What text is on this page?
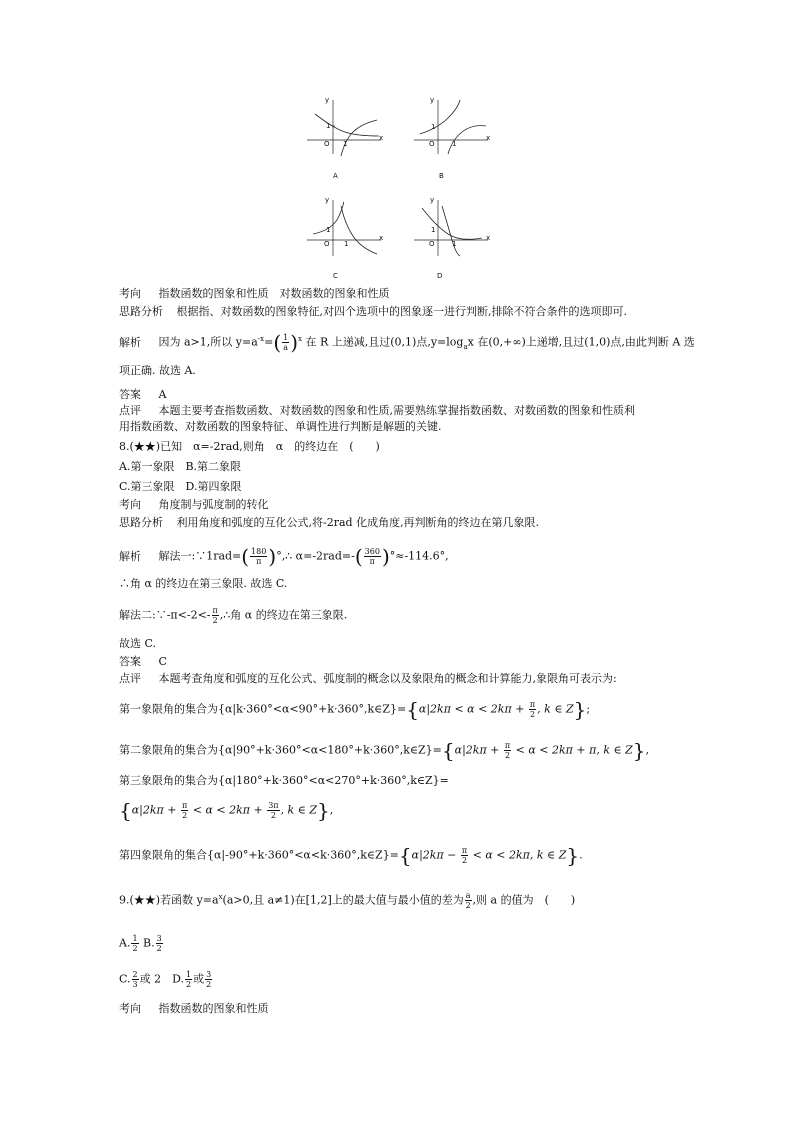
y
x
O
1
1
A
y
x
O
1
1
B
y
x
O
1
1
C
y
x
O
1
1
D
考向 指数函数的图象和性质　对数函数的图象和性质
思路分析 根据指、对数函数的图象特征,对四个选项中的图象逐一进行判断,排除不符合条件的选项即可.
解析 因为 a>1,所以 $y=a^{-x}=( \frac{1}{a} )^x$ 在 R 上递减,且过(0,1)点$,y=\log_ax$ 在(0,+∞)上递增,且过(1,0)点,由此判断 A 选
项正确. 故选 A.
答案 A
点评 本题主要考查指数函数、对数函数的图象和性质,需要熟练掌握指数函数、对数函数的图象和性质利
用指数函数、对数函数的图象特征、单调性进行判断是解题的关键.
8.(★★)已知　α=-2rad,则角　α　的终边在　(　　)
A.第一象限　B.第二象限
C.第三象限　D.第四象限
考向 角度制与弧度制的转化
思路分析 利用角度和弧度的互化公式,将-2rad 化成角度,再判断角的终边在第几象限.
解析 解法一:∵1rad=( $\frac{180}{\pi}$ )°,∴ $\alpha=-2rad=-( \frac{360}{\pi} )^\circ\approx-114.6^\circ$,
∴角 α 的终边在第三象限. 故选 C.
解法二:∵-π<-2<- $\frac{\pi}{2}$ ,∴角 α 的终边在第三象限.
故选 C.
答案 C
点评 本题考查角度和弧度的互化公式、弧度制的概念以及象限角的概念和计算能力,象限角可表示为:
第一象限角的集合为{α|k·360°<α<90°+k·360°,k∈Z}={α|2kπ < $\alpha < 2k\pi + \frac{\pi}{2}$ , k ∈ Z};
第二象限角的集合为{α|90°+k·360°<α<180°+k·360°,k∈Z}={α|2kπ + $\frac{\pi}{2} < \alpha < 2k\pi + \pi$, k ∈ Z},
第三象限角的集合为{α|180°+k·360°<α<270°+k·360°,k∈Z}=
{$\alpha|2k\pi + \frac{\pi}{2} < \alpha < 2k\pi + \frac{3\pi}{2}$ , k ∈ Z},
第四象限角的集合{α|-90°+k·360°<α<k·360°,k∈Z}={α|2kπ − $\frac{\pi}{2} < \alpha < 2k\pi$, k ∈ Z}.
9.(★★)若函数 $y=a^x(a>0$,且 a≠1)在[1,2]上的最大值与最小值的差为 $\frac{a}{2}$ ,则 a 的值为　(　　)
A. $\frac{1}{2} B$. $\frac{3}{2}$
C. $\frac{2}{3}$ 或 2　D. $\frac{1}{2}$ 或 $\frac{3}{2}$
考向 指数函数的图象和性质
